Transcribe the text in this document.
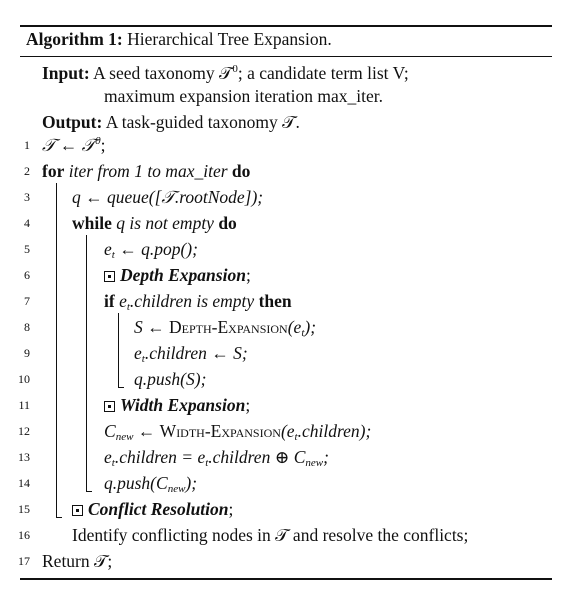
Algorithm 1: Hierarchical Tree Expansion.
Input: A seed taxonomy 𝒯$^0$; a candidate term list V;
maximum expansion iteration max_iter.
Output: A task-guided taxonomy 𝒯.
1
2
3
4
5
6
7
8
9
10
11
12
13
14
15
16
17
𝒯 ← 𝒯$^0$;
for iter from 1 to max_iter do
q ← queue([𝒯.rootNode]);
while q is not empty do
$e_t$ ← q.pop();
Depth Expansion;
if $e_t.children$ is empty then
S ← Depth-$Expansion(e_t)$;
$e_t.children$ ← S;
q.push(S);
Width Expansion;
$C_{new}$ ← Width-$Expansion(e_t.children)$;
$e_t.children$ = $e_t.children$ ⊕ $C_{new}$;
$q.push(C_{new})$;
Conflict Resolution;
Identify conflicting nodes in 𝒯 and resolve the conflicts;
Return 𝒯;
